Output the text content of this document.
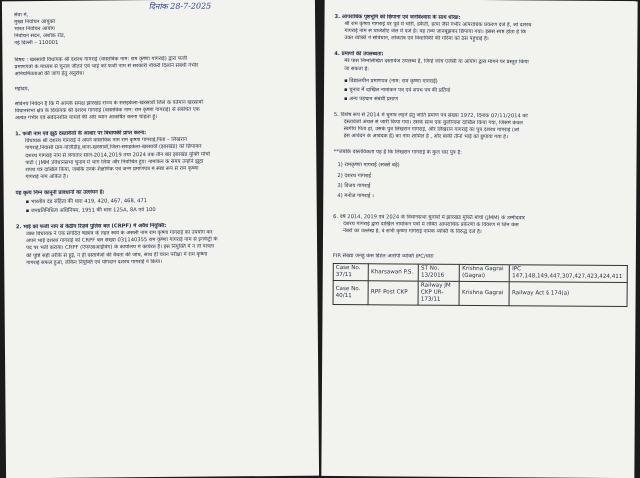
दिनांक 28-7-2025
सेवा में,
मुख्य निर्वाचन आयुक्त
भारत निर्वाचन आयोग
निर्वाचन सदन, अशोक रोड,
नई दिल्ली – 110001
विषय : खरसावाँ विधायक श्री दशरथ गागराई (वास्तविक नाम: राम कृष्णा गागराई) द्वारा फर्जी
प्रमाणपत्रों के माध्यम से चुनाव जीतने एवं भाई को फर्जी नाम से सरकारी नौकरी दिलाने संबंधी गंभीर
अनियमितताओं की जांच हेतु अनुरोध।
महोदय,
सविनय निवेदन है कि मैं आपके समक्ष झारखंड राज्य के सराइकेला-खरसावाँ जिले के वर्तमान खरसावाँ
विधानसभा क्षेत्र के विधायक श्री दशरथ गागराई (वास्तविक नाम: राम कृष्णा गागराई) से संबंधित एक
अत्यंत गंभीर एवं संवेदनशील मामले की ओर ध्यान आकर्षित करना चाहता हूँ।
1. फर्जी नाम एवं झूठे दस्तावेजों के आधार पर विधायकी प्राप्त करना:
विधायक श्री दशरथ गागराई ने अपने वास्तविक नाम राम कृष्णा गागराई,पिता – लिखरान
गागराई,निवासी ग्राम-गोलीडीह,थाना-खरसावाँ,जिला-सराइकेला-खरसावाँ (झारखंड) को छिपाकर
दशरथ गागराई नाम से लगातार साल-2014,2019 तथा 2024 तक तीन बार झारखंड मुक्ति मोर्चा
पार्टी ( JMM )विधानसभा चुनाव में भाग लिया और निर्वाचित हुए। नामांकन के समय उन्होंने झूठा
शपथ पत्र दाखिल किया, जबकि उनके शैक्षणिक एवं जन्म प्रमाणपत्र में स्पष्ट रूप से राम कृष्णा
गागराई नाम अंकित है।
यह कृत्य निम्न कानूनी प्रावधानों का उल्लंघन है:
▪ भारतीय दंड संहिता की धारा 419, 420, 467, 468, 471
▪ जनप्रतिनिधित्व अधिनियम, 1951 की धारा 125A, 8A एवं 100
2. भाई को फर्जी नाम से केंद्रीय रिज़र्व पुलिस बल (CRPF) में अवैध नियुक्ति:
उक्त विधायक ने एक संगठित षड्यंत्र के तहत स्वयं के असली नाम राम कृष्णा गागराई का उपयोग कर
अपने भाई दशरथ गागराई को CRPF बल संख्या 031140355 राम कृष्णा गागराई नाम से इनफेंट्री के
पद पर भर्ती कराया। CRPF (एफएसआईविंग) के कार्यालय में कार्यरत है। इस नियुक्ति में न तो पात्रता
की पुष्टि सही तरीके से हुई, न ही दस्तावेजों की वैधता की जांच, साथ ही चयन परीक्षा में राम कृष्णा
गागराई सफल हुआ, लेकिन नियुक्ति एवं योगदान दशरथ गागराई ने किया।
3. आपराधिक पृष्ठभूमि को छिपाना एवं जनविश्वास के साथ धोखा:
श्री राम कृष्णा गागराई पर पूर्व में चोरी, डकैती, हत्या जैसे गंभीर आपराधिक प्रकरण दर्ज हैं, जो दशरथ
गागराई नाम से चार्जशीट जेल में दर्ज है। यह तथ्य जानबूझकर छिपाया गया। इससे स्पष्ट होता है कि
उक्त व्यक्ति ने संविधान, लोकतंत्र एवं विधायिकी की गरिमा को ठेस पहुंचाई है।
4. प्रमाणों की उपलब्धता:
मेरे पास निम्नलिखित दस्तावेज उपलब्ध हैं, जिन्हें जांच एजेंसी या आयोग द्वारा मांगने पर प्रस्तुत किया
जा सकता है:
▪ विद्यालयीन प्रमाणपत्र (नाम: राम कृष्णा गागराई)
▪ चुनाव में दाखिल नामांकन पत्र एवं शपथ पत्र की प्रतियां
▪ अन्य पहचान संबंधी प्रमाण
5. विशेष रूप से 2014 में चुनाव लड़ने हेतु जाति प्रमाण पत्र संख्या 1972, दिनांक 07/11/2014 को
दस्तावेजों अंचल से जारी किया गया। उसके साथ एक कुलीनामा दाखिल किया गया, जिसमें केवल
स्वर्गीय पिता हो, उसके पुत्र लिखरान गागराई, और लिखरान गागराई का पुत्र दशरथ गागराई (जो
इस आवेदन के आवेदक हैं) का नाम शामिल है , और बाकी तीनों भाई को छुपाया गया है।
**जबकि वास्तविकता यह है कि लिखरान गागराई के कुल चार पुत्र हैं:
1) रामकृष्णा गागराई (सबसे बड़े)
2) दशरथ गागराई
3) विजय गागराई
4) मनोज गागराई ।
6. वर्ष 2014, 2019 एवं 2024 के विधानसभा चुनावों में झारखंड मुक्ति मोर्चा (JMM) के उम्मीदवार
दशरथ गागराई द्वारा दाखिल नामांकन पत्रों में लंबित आपराधिक प्रकरणों के विवरण में जिन केस
नंबरों का उल्लेख है, वे सभी कृष्णा गागराई नामक व्यक्ति के विरुद्ध दर्ज हैं।
FIR संख्या जनहु केस डिटेल आरोपी व्यक्ति IPC/धारा
Case No. 37/11	Kharsawan P.S.	ST No. 13/2016	Krishna Gagrai (Gagrai)	IPC 147,148,149,447,307,427,423,424,411
Case No. 40/11	RPF Post CKP	Railway JM CKP UR- 173/11	Krishna Gagrai	Railway Act § 174(a)
